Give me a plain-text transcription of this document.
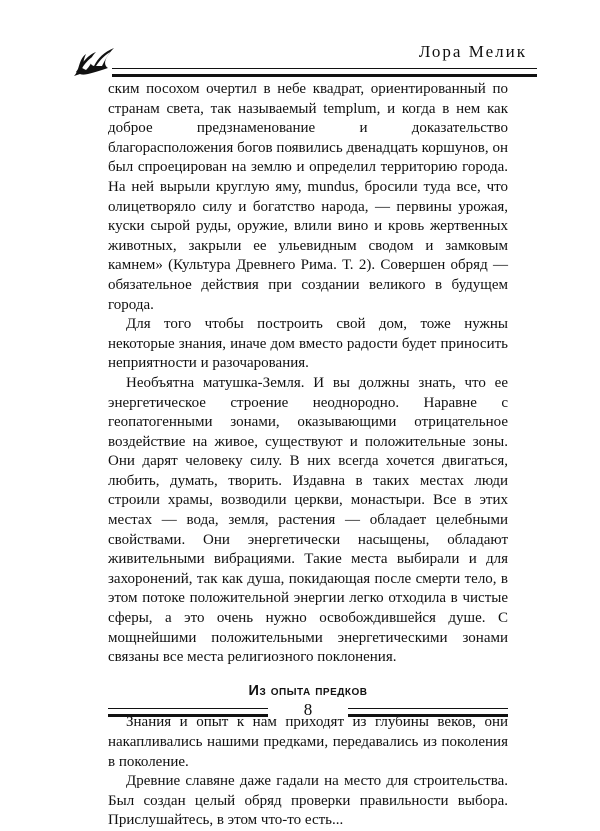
Лора Мелик

ским посохом очертил в небе квадрат, ориентированный по странам света, так называемый templum, и когда в нем как доброе предзнаменование и доказательство благорасположения богов появились двенадцать коршунов, он был спроецирован на землю и определил территорию города. На ней вырыли круглую яму, mundus, бросили туда все, что олицетворяло силу и богатство народа, — первины урожая, куски сырой руды, оружие, влили вино и кровь жертвенных животных, закрыли ее ульевидным сводом и замковым камнем» (Культура Древнего Рима. Т. 2). Совершен обряд — обязательное действия при создании великого в будущем города.

Для того чтобы построить свой дом, тоже нужны некоторые знания, иначе дом вместо радости будет приносить неприятности и разочарования.

Необъятна матушка-Земля. И вы должны знать, что ее энергетическое строение неоднородно. Наравне с геопатогенными зонами, оказывающими отрицательное воздействие на живое, существуют и положительные зоны. Они дарят человеку силу. В них всегда хочется двигаться, любить, думать, творить. Издавна в таких местах люди строили храмы, возводили церкви, монастыри. Все в этих местах — вода, земля, растения — обладает целебными свойствами. Они энергетически насыщены, обладают живительными вибрациями. Такие места выбирали и для захоронений, так как душа, покидающая после смерти тело, в этом потоке положительной энергии легко отходила в чистые сферы, а это очень нужно освобождившейся душе. С мощнейшими положительными энергетическими зонами связаны все места религиозного поклонения.

Из опыта предков

Знания и опыт к нам приходят из глубины веков, они накапливались нашими предками, передавались из поколения в поколение.

Древние славяне даже гадали на место для строительства. Был создан целый обряд проверки правильности выбора. Прислушайтесь, в этом что-то есть...

8
